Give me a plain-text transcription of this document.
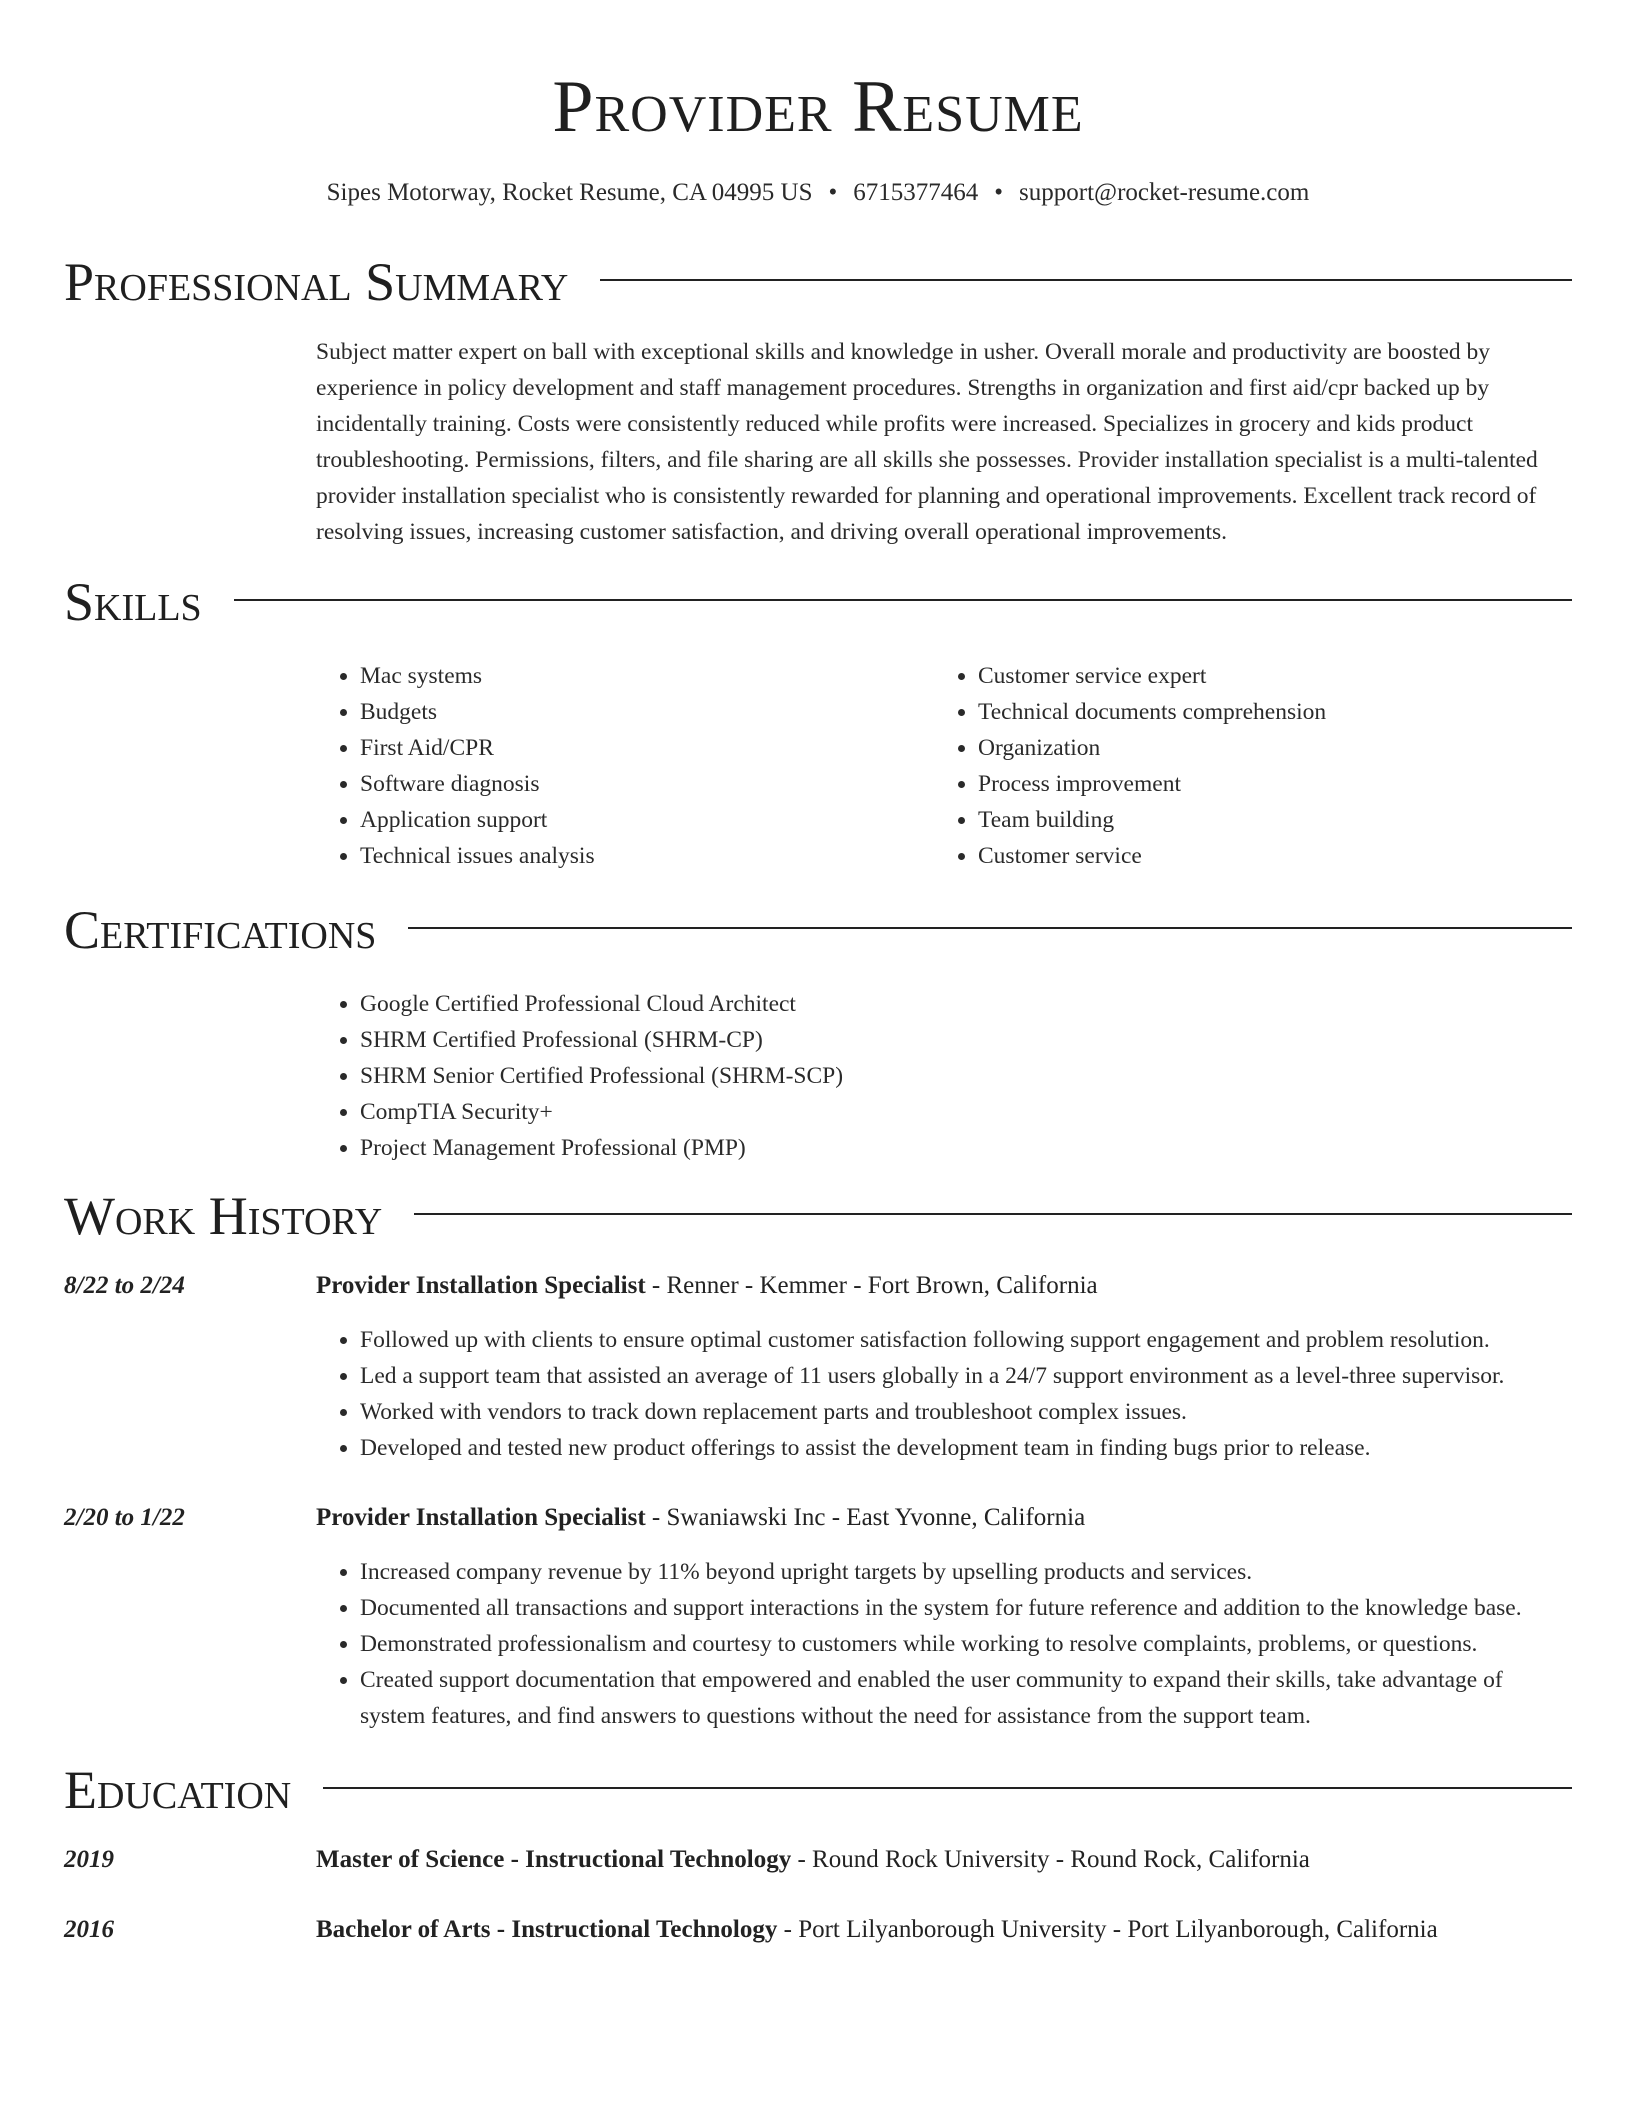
Provider Resume
Sipes Motorway, Rocket Resume, CA 04995 US • 6715377464 • support@rocket-resume.com
Professional Summary

Subject matter expert on ball with exceptional skills and knowledge in usher. Overall morale and productivity are boosted by experience in policy development and staff management procedures. Strengths in organization and first aid/cpr backed up by incidentally training. Costs were consistently reduced while profits were increased. Specializes in grocery and kids product troubleshooting. Permissions, filters, and file sharing are all skills she possesses. Provider installation specialist is a multi-talented provider installation specialist who is consistently rewarded for planning and operational improvements. Excellent track record of resolving issues, increasing customer satisfaction, and driving overall operational improvements.

Skills
• Mac systems
• Budgets
• First Aid/CPR
• Software diagnosis
• Application support
• Technical issues analysis
• Customer service expert
• Technical documents comprehension
• Organization
• Process improvement
• Team building
• Customer service
Certifications
• Google Certified Professional Cloud Architect
• SHRM Certified Professional (SHRM-CP)
• SHRM Senior Certified Professional (SHRM-SCP)
• CompTIA Security+
• Project Management Professional (PMP)
Work History
8/22 to 2/24	Provider Installation Specialist - Renner - Kemmer - Fort Brown, California
• Followed up with clients to ensure optimal customer satisfaction following support engagement and problem resolution.
• Led a support team that assisted an average of 11 users globally in a 24/7 support environment as a level-three supervisor.
• Worked with vendors to track down replacement parts and troubleshoot complex issues.
• Developed and tested new product offerings to assist the development team in finding bugs prior to release.
2/20 to 1/22	Provider Installation Specialist - Swaniawski Inc - East Yvonne, California
• Increased company revenue by 11% beyond upright targets by upselling products and services.
• Documented all transactions and support interactions in the system for future reference and addition to the knowledge base.
• Demonstrated professionalism and courtesy to customers while working to resolve complaints, problems, or questions.
• Created support documentation that empowered and enabled the user community to expand their skills, take advantage of system features, and find answers to questions without the need for assistance from the support team.
Education
2019	Master of Science - Instructional Technology - Round Rock University - Round Rock, California
2016	Bachelor of Arts - Instructional Technology - Port Lilyanborough University - Port Lilyanborough, California
